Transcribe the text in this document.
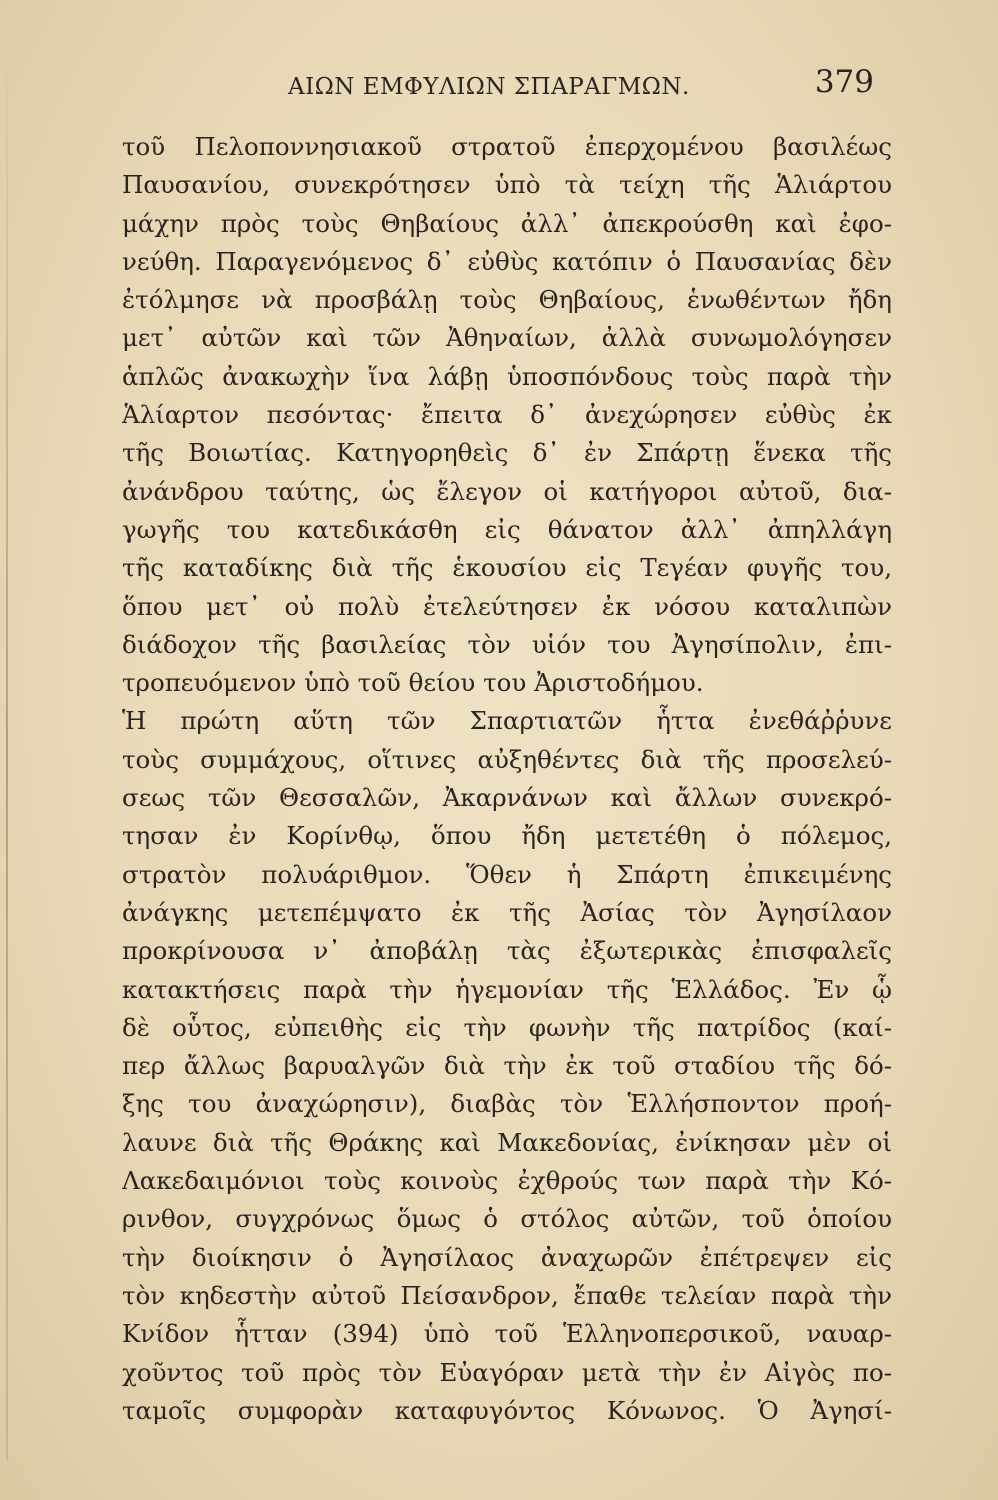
ΑΙΩΝ ΕΜΦΥΛΙΩΝ ΣΠΑΡΑΓΜΩΝ.	379
τοῦ Πελοποννησιακοῦ στρατοῦ ἐπερχομένου βασιλέως
Παυσανίου, συνεκρότησεν ὑπὸ τὰ τείχη τῆς Ἁλιάρτου
μάχην πρὸς τοὺς Θηβαίους ἀλλ᾽ ἀπεκρούσθη καὶ ἐφο-
νεύθη. Παραγενόμενος δ᾽ εὐθὺς κατόπιν ὁ Παυσανίας δὲν
ἐτόλμησε νὰ προσβάλῃ τοὺς Θηβαίους, ἑνωθέντων ἤδη
μετ᾽ αὐτῶν καὶ τῶν Ἀθηναίων, ἀλλὰ συνωμολόγησεν
ἁπλῶς ἀνακωχὴν ἵνα λάβῃ ὑποσπόνδους τοὺς παρὰ τὴν
Ἁλίαρτον πεσόντας· ἔπειτα δ᾽ ἀνεχώρησεν εὐθὺς ἐκ
τῆς Βοιωτίας. Κατηγορηθεὶς δ᾽ ἐν Σπάρτῃ ἕνεκα τῆς
ἀνάνδρου ταύτης, ὡς ἔλεγον οἱ κατήγοροι αὐτοῦ, δια-
γωγῆς του κατεδικάσθη εἰς θάνατον ἀλλ᾽ ἀπηλλάγη
τῆς καταδίκης διὰ τῆς ἑκουσίου εἰς Τεγέαν φυγῆς του,
ὅπου μετ᾽ οὐ πολὺ ἐτελεύτησεν ἐκ νόσου καταλιπὼν
διάδοχον τῆς βασιλείας τὸν υἱόν του Ἀγησίπολιν, ἐπι-
τροπευόμενον ὑπὸ τοῦ θείου του Ἀριστοδήμου.
Ἡ πρώτη αὕτη τῶν Σπαρτιατῶν ἧττα ἐνεθάῤῥυνε
τοὺς συμμάχους, οἵτινες αὐξηθέντες διὰ τῆς προσελεύ-
σεως τῶν Θεσσαλῶν, Ἀκαρνάνων καὶ ἄλλων συνεκρό-
τησαν ἐν Κορίνθῳ, ὅπου ἤδη μετετέθη ὁ πόλεμος,
στρατὸν πολυάριθμον. Ὅθεν ἡ Σπάρτη ἐπικειμένης
ἀνάγκης μετεπέμψατο ἐκ τῆς Ἀσίας τὸν Ἀγησίλαον
προκρίνουσα ν᾽ ἀποβάλῃ τὰς ἐξωτερικὰς ἐπισφαλεῖς
κατακτήσεις παρὰ τὴν ἡγεμονίαν τῆς Ἑλλάδος. Ἐν ᾧ
δὲ οὗτος, εὐπειθὴς εἰς τὴν φωνὴν τῆς πατρίδος (καί-
περ ἄλλως βαρυαλγῶν διὰ τὴν ἐκ τοῦ σταδίου τῆς δό-
ξης του ἀναχώρησιν), διαβὰς τὸν Ἑλλήσποντον προή-
λαυνε διὰ τῆς Θράκης καὶ Μακεδονίας, ἐνίκησαν μὲν οἱ
Λακεδαιμόνιοι τοὺς κοινοὺς ἐχθρούς των παρὰ τὴν Κό-
ρινθον, συγχρόνως ὅμως ὁ στόλος αὐτῶν, τοῦ ὁποίου
τὴν διοίκησιν ὁ Ἀγησίλαος ἀναχωρῶν ἐπέτρεψεν εἰς
τὸν κηδεστὴν αὐτοῦ Πείσανδρον, ἔπαθε τελείαν παρὰ τὴν
Κνίδον ἧτταν (394) ὑπὸ τοῦ Ἑλληνοπερσικοῦ, ναυαρ-
χοῦντος τοῦ πρὸς τὸν Εὐαγόραν μετὰ τὴν ἐν Αἰγὸς πο-
ταμοῖς συμφορὰν καταφυγόντος Κόνωνος. Ὁ Ἀγησί-
